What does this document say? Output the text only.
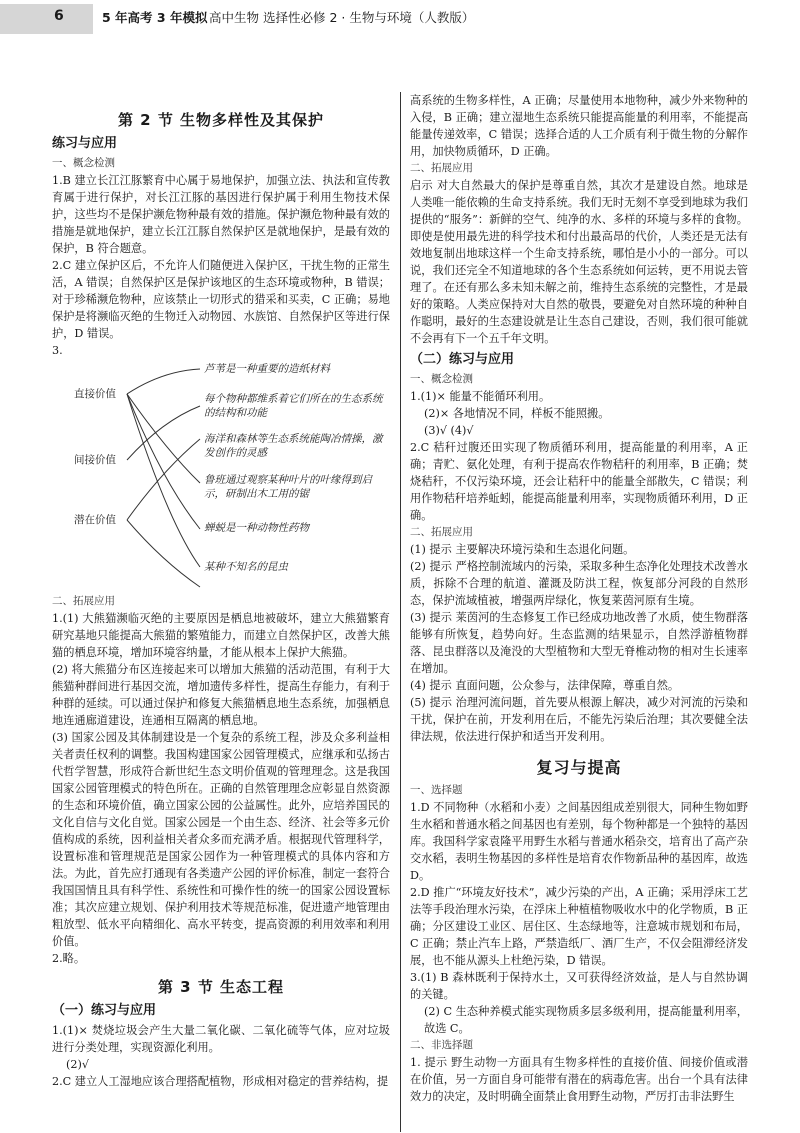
6	5 年高考 3 年模拟 高中生物 选择性必修 2 · 生物与环境（人教版）
第 2 节 生物多样性及其保护
练习与应用
一、概念检测

1.B 建立长江江豚繁育中心属于易地保护，加强立法、执法和宣传教育属于进行保护，对长江江豚的基因进行保护属于利用生物技术保护，这些均不是保护濒危物种最有效的措施。保护濒危物种最有效的措施是就地保护，建立长江江豚自然保护区是就地保护，是最有效的保护，B 符合题意。

2.C 建立保护区后，不允许人们随便进入保护区，干扰生物的正常生活，A 错误；自然保护区是保护该地区的生态环境或物种，B 错误；对于珍稀濒危物种，应该禁止一切形式的猎采和买卖，C 正确；易地保护是将濒临灭绝的生物迁入动物园、水族馆、自然保护区等进行保护，D 错误。

3.

直接价值
间接价值
潜在价值
芦苇是一种重要的造纸材料
每个物种都维系着它们所在的生态系统的结构和功能
海洋和森林等生态系统能陶冶情操，激发创作的灵感
鲁班通过观察某种叶片的叶缘得到启示，研制出木工用的锯
蝉蜕是一种动物性药物
某种不知名的昆虫
二、拓展应用

1.(1) 大熊猫濒临灭绝的主要原因是栖息地被破坏，建立大熊猫繁育研究基地只能提高大熊猫的繁殖能力，而建立自然保护区，改善大熊猫的栖息环境，增加环境容纳量，才能从根本上保护大熊猫。

(2) 将大熊猫分布区连接起来可以增加大熊猫的活动范围，有利于大熊猫种群间进行基因交流，增加遗传多样性，提高生存能力，有利于种群的延续。可以通过保护和修复大熊猫栖息地生态系统，加强栖息地连通廊道建设，连通相互隔离的栖息地。

(3) 国家公园及其体制建设是一个复杂的系统工程，涉及众多利益相关者责任权利的调整。我国构建国家公园管理模式，应继承和弘扬古代哲学智慧，形成符合新世纪生态文明价值观的管理理念。这是我国国家公园管理模式的特色所在。正确的自然管理理念应彰显自然资源的生态和环境价值，确立国家公园的公益属性。此外，应培养国民的文化自信与文化自觉。国家公园是一个由生态、经济、社会等多元价值构成的系统，因利益相关者众多而充满矛盾。根据现代管理科学，设置标准和管理规范是国家公园作为一种管理模式的具体内容和方法。为此，首先应打通现有各类遗产公园的评价标准，制定一套符合我国国情且具有科学性、系统性和可操作性的统一的国家公园设置标准；其次应建立规划、保护利用技术等规范标准，促进遗产地管理由粗放型、低水平向精细化、高水平转变，提高资源的利用效率和利用价值。

2.略。

第 3 节 生态工程
（一）练习与应用

1.(1)× 焚烧垃圾会产生大量二氧化碳、二氧化硫等气体，应对垃圾进行分类处理，实现资源化利用。

(2)√

2.C 建立人工湿地应该合理搭配植物，形成相对稳定的营养结构，提

高系统的生物多样性，A 正确；尽量使用本地物种，减少外来物种的入侵，B 正确；建立湿地生态系统只能提高能量的利用率，不能提高能量传递效率，C 错误；选择合适的人工介质有利于微生物的分解作用，加快物质循环，D 正确。

二、拓展应用

启示 对大自然最大的保护是尊重自然，其次才是建设自然。地球是人类唯一能依赖的生命支持系统。我们无时无刻不享受到地球为我们提供的“服务”：新鲜的空气、纯净的水、多样的环境与多样的食物。即使是使用最先进的科学技术和付出最高昂的代价，人类还是无法有效地复制出地球这样一个生命支持系统，哪怕是小小的一部分。可以说，我们还完全不知道地球的各个生态系统如何运转，更不用说去管理了。在还有那么多未知未解之前，维持生态系统的完整性，才是最好的策略。人类应保持对大自然的敬畏，要避免对自然环境的种种自作聪明，最好的生态建设就是让生态自己建设，否则，我们很可能就不会再有下一个五千年文明。

（二）练习与应用
一、概念检测

1.(1)× 能量不能循环利用。

(2)× 各地情况不同，样板不能照搬。

(3)√ (4)√

2.C 秸秆过腹还田实现了物质循环利用，提高能量的利用率，A 正确；青贮、氨化处理，有利于提高农作物秸秆的利用率，B 正确；焚烧秸秆，不仅污染环境，还会让秸秆中的能量全部散失，C 错误；利用作物秸秆培养蚯蚓，能提高能量利用率，实现物质循环利用，D 正确。

二、拓展应用

(1) 提示 主要解决环境污染和生态退化问题。

(2) 提示 严格控制流域内的污染，采取多种生态净化处理技术改善水质，拆除不合理的航道、灌溉及防洪工程，恢复部分河段的自然形态，保护流域植被，增强两岸绿化，恢复莱茵河原有生境。

(3) 提示 莱茵河的生态修复工作已经成功地改善了水质，使生物群落能够有所恢复，趋势向好。生态监测的结果显示，自然浮游植物群落、昆虫群落以及淹没的大型植物和大型无脊椎动物的相对生长速率在增加。

(4) 提示 直面问题，公众参与，法律保障，尊重自然。

(5) 提示 治理河流问题，首先要从根源上解决，减少对河流的污染和干扰，保护在前，开发利用在后，不能先污染后治理；其次要健全法律法规，依法进行保护和适当开发利用。

复习与提高
一、选择题

1.D 不同物种（水稻和小麦）之间基因组成差别很大，同种生物如野生水稻和普通水稻之间基因也有差别，每个物种都是一个独特的基因库。我国科学家袁隆平用野生水稻与普通水稻杂交，培育出了高产杂交水稻，表明生物基因的多样性是培育农作物新品种的基因库，故选 D。

2.D 推广“环境友好技术”，减少污染的产出，A 正确；采用浮床工艺法等手段治理水污染，在浮床上种植植物吸收水中的化学物质，B 正确；分区建设工业区、居住区、生态绿地等，注意城市规划和布局，C 正确；禁止汽车上路，严禁造纸厂、酒厂生产，不仅会阻滞经济发展，也不能从源头上杜绝污染，D 错误。

3.(1) B 森林既利于保持水土，又可获得经济效益，是人与自然协调的关键。

(2) C 生态种养模式能实现物质多层多级利用，提高能量利用率，故选 C。

二、非选择题

1. 提示 野生动物一方面具有生物多样性的直接价值、间接价值或潜在价值，另一方面自身可能带有潜在的病毒危害。出台一个具有法律效力的决定，及时明确全面禁止食用野生动物，严厉打击非法野生
